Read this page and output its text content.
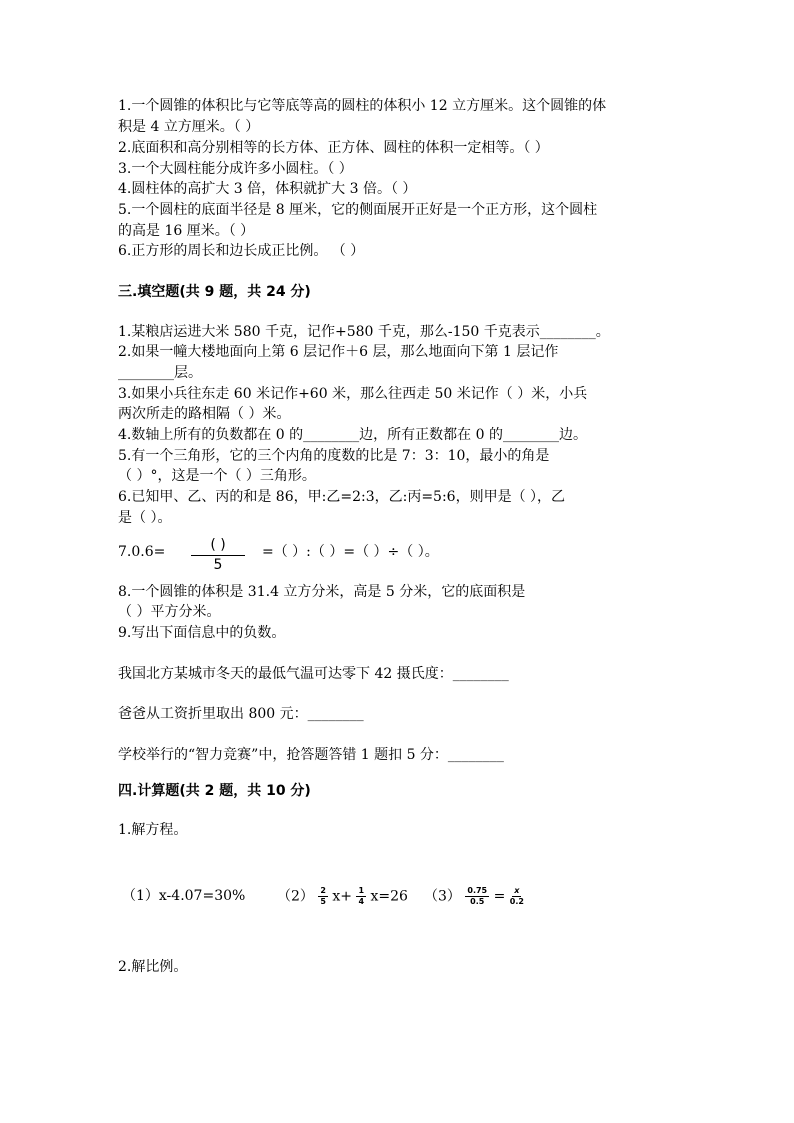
1.一个圆锥的体积比与它等底等高的圆柱的体积小 12 立方厘米。这个圆锥的体
积是 4 立方厘米。（ ）
2.底面积和高分别相等的长方体、正方体、圆柱的体积一定相等。（ ）
3.一个大圆柱能分成许多小圆柱。（ ）
4.圆柱体的高扩大 3 倍，体积就扩大 3 倍。（ ）
5.一个圆柱的底面半径是 8 厘米，它的侧面展开正好是一个正方形，这个圆柱
的高是 16 厘米。（ ）
6.正方形的周长和边长成正比例。 （ ）
三.填空题(共 9 题，共 24 分)
1.某粮店运进大米 580 千克，记作+580 千克，那么-150 千克表示________。
2.如果一幢大楼地面向上第 6 层记作＋6 层，那么地面向下第 1 层记作
________层。
3.如果小兵往东走 60 米记作+60 米，那么往西走 50 米记作（ ）米，小兵
两次所走的路相隔（ ）米。
4.数轴上所有的负数都在 0 的________边，所有正数都在 0 的________边。
5.有一个三角形，它的三个内角的度数的比是 7：3：10，最小的角是
（ ）°，这是一个（ ）三角形。
6.已知甲、乙、丙的和是 86，甲:乙=2:3，乙:丙=5:6，则甲是（ ），乙
是（ ）。
7.0.6=	( )
5
=（ ）:（ ）=（ ）÷（ ）。
8.一个圆锥的体积是 31.4 立方分米，高是 5 分米，它的底面积是
（ ）平方分米。
9.写出下面信息中的负数。
我国北方某城市冬天的最低气温可达零下 42 摄氏度：________
爸爸从工资折里取出 800 元：________
学校举行的“智力竞赛”中，抢答题答错 1 题扣 5 分：________
四.计算题(共 2 题，共 10 分)
1.解方程。
（1）x-4.07=30% $(2) \frac{2}{5} x+ \frac{1}{4} x=26$ $(3) \frac{0.75}{0.5} = \frac{x}{0.2}$
2.解比例。
